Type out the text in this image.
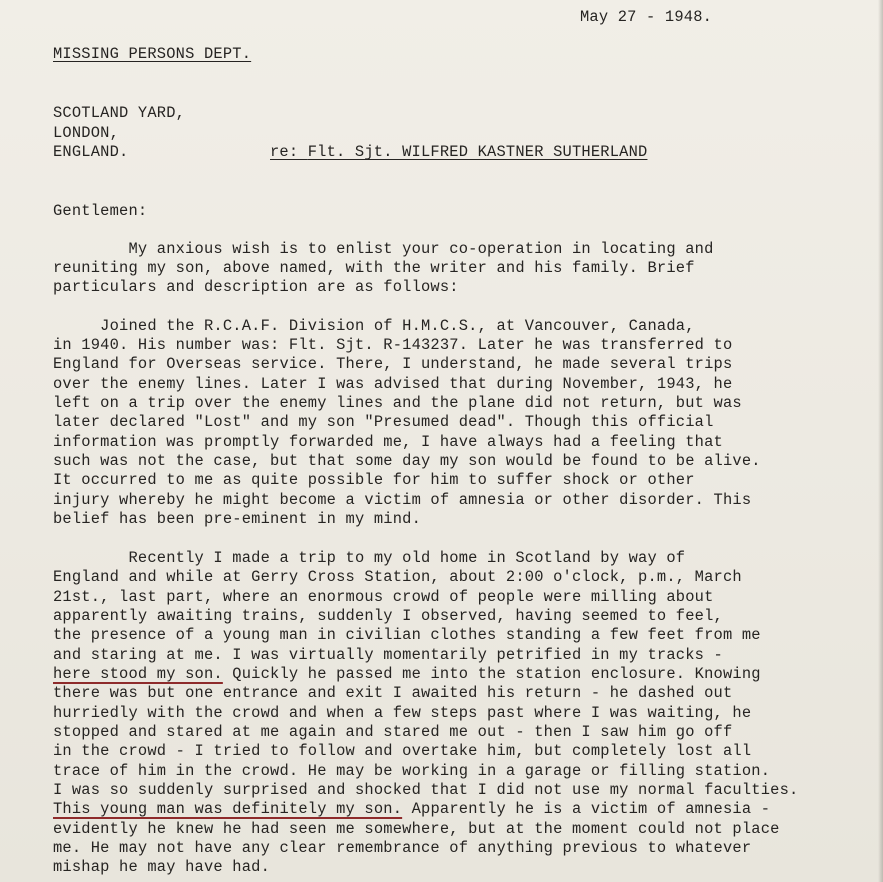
May 27 - 1948.

MISSING PERSONS DEPT.

SCOTLAND YARD,

LONDON,

ENGLAND.	re: Flt. Sjt. WILFRED KASTNER SUTHERLAND

Gentlemen:

My anxious wish is to enlist your co-operation in locating and

reuniting my son, above named, with the writer and his family. Brief

particulars and description are as follows:

Joined the R.C.A.F. Division of H.M.C.S., at Vancouver, Canada,

in 1940. His number was: Flt. Sjt. R-143237. Later he was transferred to

England for Overseas service. There, I understand, he made several trips

over the enemy lines. Later I was advised that during November, 1943, he

left on a trip over the enemy lines and the plane did not return, but was

later declared "Lost" and my son "Presumed dead". Though this official

information was promptly forwarded me, I have always had a feeling that

such was not the case, but that some day my son would be found to be alive.

It occurred to me as quite possible for him to suffer shock or other

injury whereby he might become a victim of amnesia or other disorder. This

belief has been pre-eminent in my mind.

Recently I made a trip to my old home in Scotland by way of

England and while at Gerry Cross Station, about 2:00 o'clock, p.m., March

21st., last part, where an enormous crowd of people were milling about

apparently awaiting trains, suddenly I observed, having seemed to feel,

the presence of a young man in civilian clothes standing a few feet from me

and staring at me. I was virtually momentarily petrified in my tracks -

here stood my son. Quickly he passed me into the station enclosure. Knowing

there was but one entrance and exit I awaited his return - he dashed out

hurriedly with the crowd and when a few steps past where I was waiting, he

stopped and stared at me again and stared me out - then I saw him go off

in the crowd - I tried to follow and overtake him, but completely lost all

trace of him in the crowd. He may be working in a garage or filling station.

I was so suddenly surprised and shocked that I did not use my normal faculties.

This young man was definitely my son. Apparently he is a victim of amnesia -

evidently he knew he had seen me somewhere, but at the moment could not place

me. He may not have any clear remembrance of anything previous to whatever

mishap he may have had.
